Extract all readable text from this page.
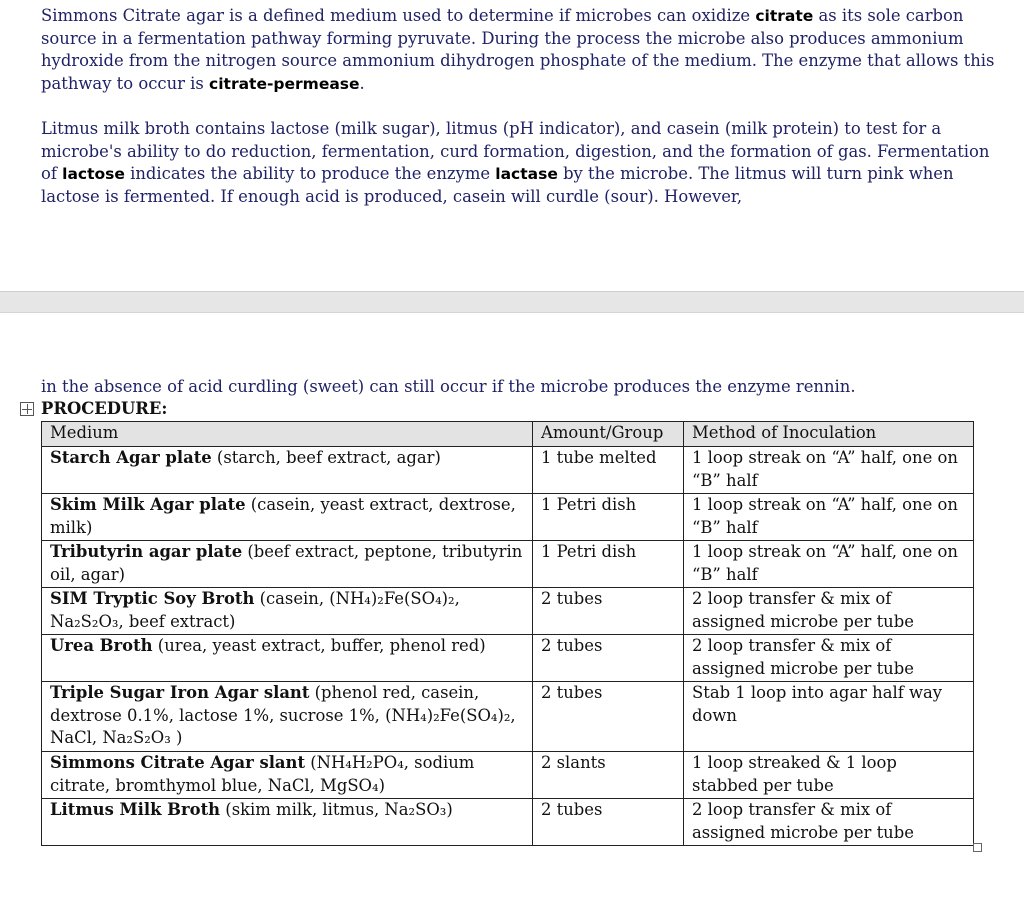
Simmons Citrate agar is a defined medium used to determine if microbes can oxidize citrate as its sole carbon source in a fermentation pathway forming pyruvate. During the process the microbe also produces ammonium hydroxide from the nitrogen source ammonium dihydrogen phosphate of the medium. The enzyme that allows this pathway to occur is citrate-permease.
Litmus milk broth contains lactose (milk sugar), litmus (pH indicator), and casein (milk protein) to test for a microbe's ability to do reduction, fermentation, curd formation, digestion, and the formation of gas. Fermentation of lactose indicates the ability to produce the enzyme lactase by the microbe. The litmus will turn pink when lactose is fermented. If enough acid is produced, casein will curdle (sour). However,
in the absence of acid curdling (sweet) can still occur if the microbe produces the enzyme rennin.
PROCEDURE:
Medium	Amount/Group	Method of Inoculation
Starch Agar plate (starch, beef extract, agar)	1 tube melted	1 loop streak on “A” half, one on “B” half
Skim Milk Agar plate (casein, yeast extract, dextrose, milk)	1 Petri dish	1 loop streak on “A” half, one on “B” half
Tributyrin agar plate (beef extract, peptone, tributyrin oil, agar)	1 Petri dish	1 loop streak on “A” half, one on “B” half
SIM Tryptic Soy Broth (casein, (NH₄)₂Fe(SO₄)₂, Na₂S₂O₃, beef extract)	2 tubes	2 loop transfer & mix of assigned microbe per tube
Urea Broth (urea, yeast extract, buffer, phenol red)	2 tubes	2 loop transfer & mix of assigned microbe per tube
Triple Sugar Iron Agar slant (phenol red, casein, dextrose 0.1%, lactose 1%, sucrose 1%, (NH₄)₂Fe(SO₄)₂, NaCl, Na₂S₂O₃ )	2 tubes	Stab 1 loop into agar half way down
Simmons Citrate Agar slant (NH₄H₂PO₄, sodium citrate, bromthymol blue, NaCl, MgSO₄)	2 slants	1 loop streaked & 1 loop stabbed per tube
Litmus Milk Broth (skim milk, litmus, Na₂SO₃)	2 tubes	2 loop transfer & mix of assigned microbe per tube
